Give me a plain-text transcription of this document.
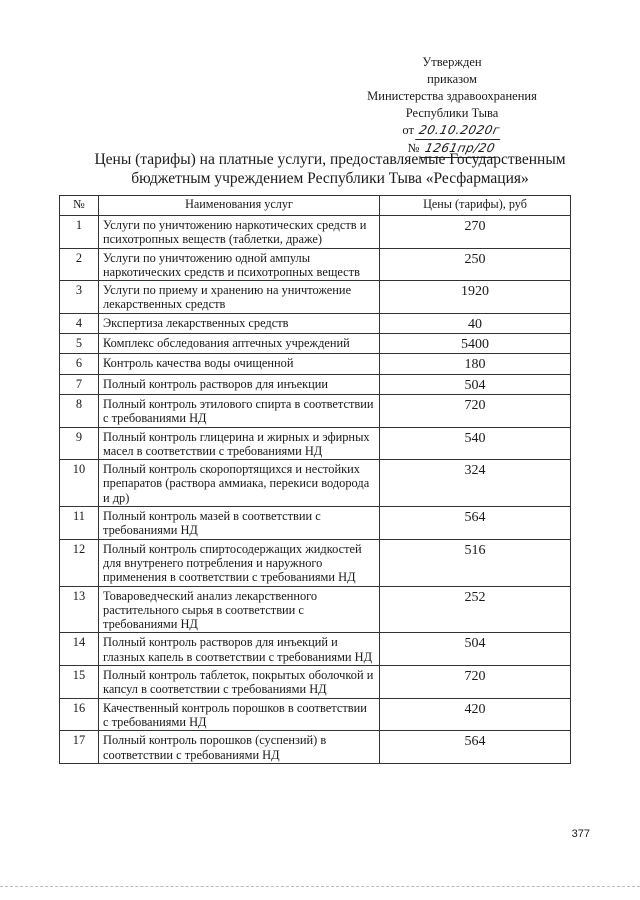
Утвержден
приказом
Министерства здравоохранения
Республики Тыва
от 20.10.2020г
№ 1261пр/20
Цены (тарифы) на платные услуги, предоставляемые Государственным
бюджетным учреждением Республики Тыва «Ресфармация»
№	Наименования услуг	Цены (тарифы), руб
1	Услуги по уничтожению наркотических средств и психотропных веществ (таблетки, драже)	270
2	Услуги по уничтожению одной ампулы наркотических средств и психотропных веществ	250
3	Услуги по приему и хранению на уничтожение лекарственных средств	1920
4	Экспертиза лекарственных средств	40
5	Комплекс обследования аптечных учреждений	5400
6	Контроль качества воды очищенной	180
7	Полный контроль растворов для инъекции	504
8	Полный контроль этилового спирта в соответствии с требованиями НД	720
9	Полный контроль глицерина и жирных и эфирных масел в соответствии с требованиями НД	540
10	Полный контроль скоропортящихся и нестойких препаратов (раствора аммиака, перекиси водорода и др)	324
11	Полный контроль мазей в соответствии с требованиями НД	564
12	Полный контроль спиртосодержащих жидкостей для внутренего потребления и наружного применения в соответствии с требованиями НД	516
13	Товароведческий анализ лекарственного растительного сырья в соответствии с требованиями НД	252
14	Полный контроль растворов для инъекций и глазных капель в соответствии с требованиями НД	504
15	Полный контроль таблеток, покрытых оболочкой и капсул в соответствии с требованиями НД	720
16	Качественный контроль порошков в соответствии с требованиями НД	420
17	Полный контроль порошков (суспензий) в соответствии с требованиями НД	564
377
